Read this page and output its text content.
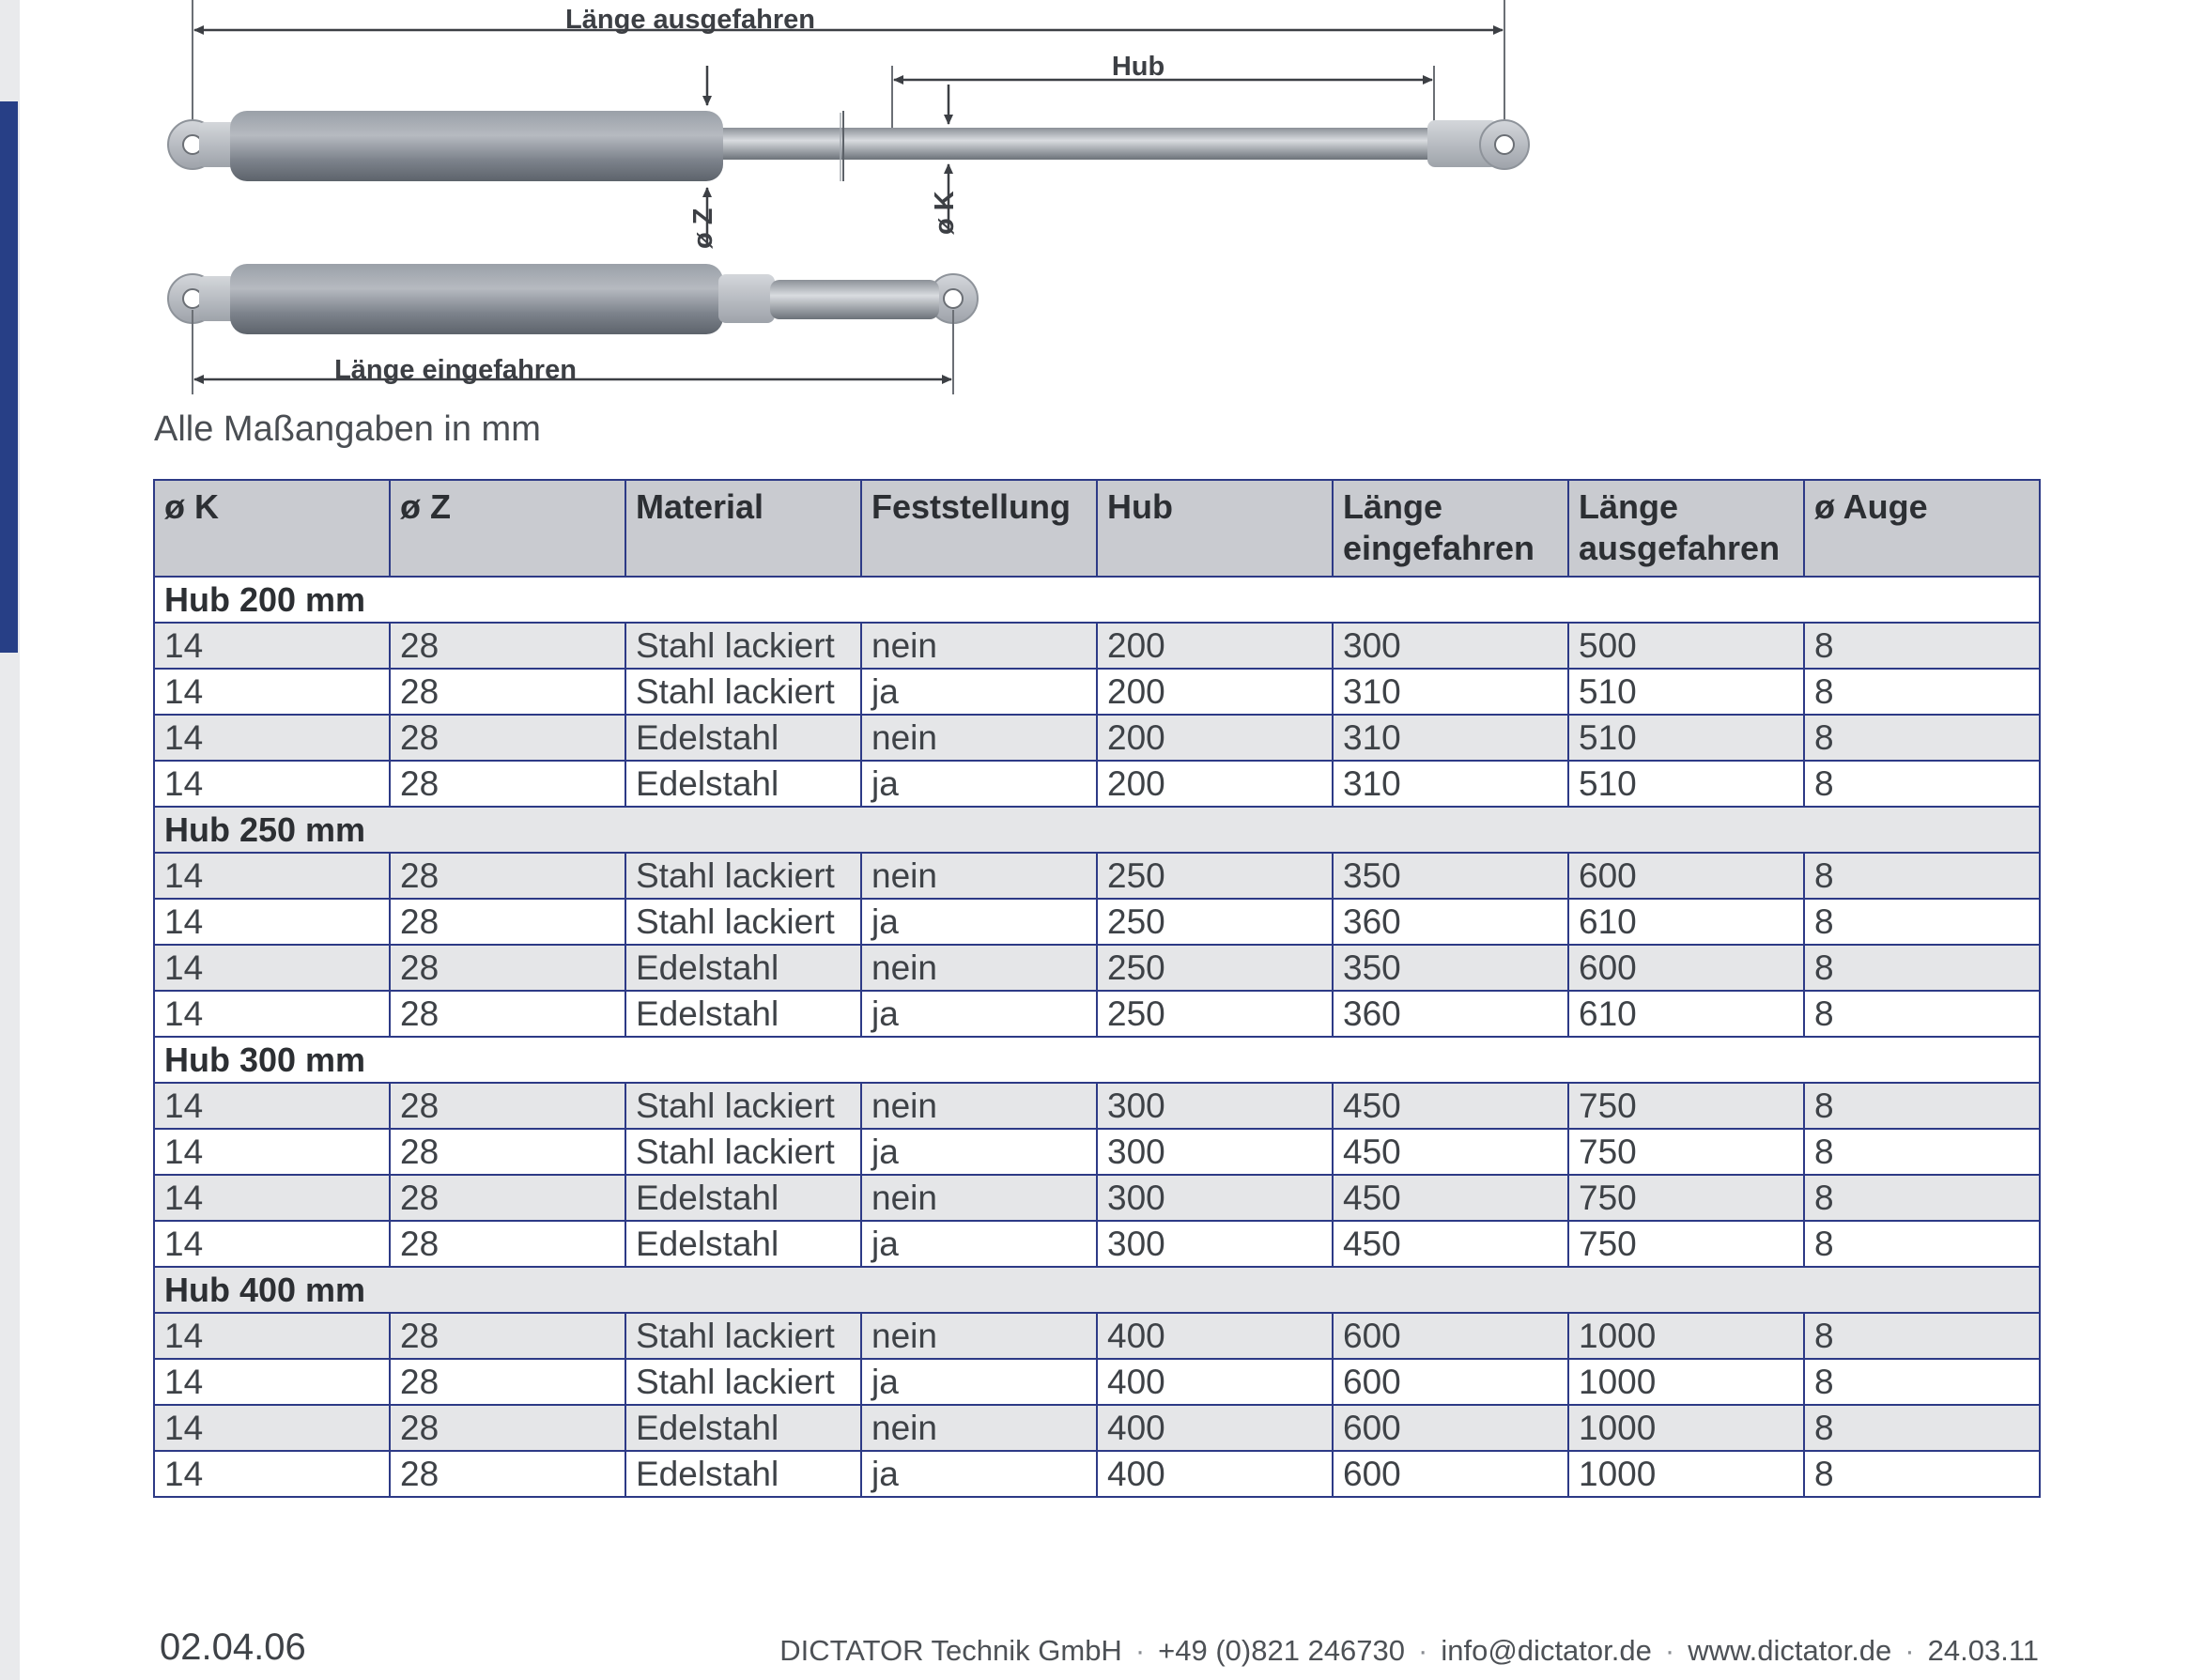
Länge ausgefahren
Hub
Länge eingefahren
ø Z	ø K
Alle Maßangaben in mm
ø K	ø Z	Material	Feststellung	Hub	Länge eingefahren	Länge ausgefahren	ø Auge
Hub 200 mm							
14	28	Stahl lackiert	nein	200	300	500	8
14	28	Stahl lackiert	ja	200	310	510	8
14	28	Edelstahl	nein	200	310	510	8
14	28	Edelstahl	ja	200	310	510	8
Hub 250 mm							
14	28	Stahl lackiert	nein	250	350	600	8
14	28	Stahl lackiert	ja	250	360	610	8
14	28	Edelstahl	nein	250	350	600	8
14	28	Edelstahl	ja	250	360	610	8
Hub 300 mm							
14	28	Stahl lackiert	nein	300	450	750	8
14	28	Stahl lackiert	ja	300	450	750	8
14	28	Edelstahl	nein	300	450	750	8
14	28	Edelstahl	ja	300	450	750	8
Hub 400 mm							
14	28	Stahl lackiert	nein	400	600	1000	8
14	28	Stahl lackiert	ja	400	600	1000	8
14	28	Edelstahl	nein	400	600	1000	8
14	28	Edelstahl	ja	400	600	1000	8
02.04.06	DICTATOR Technik GmbH · +49 (0)821 246730 · info@dictator.de · www.dictator.de · 24.03.11
